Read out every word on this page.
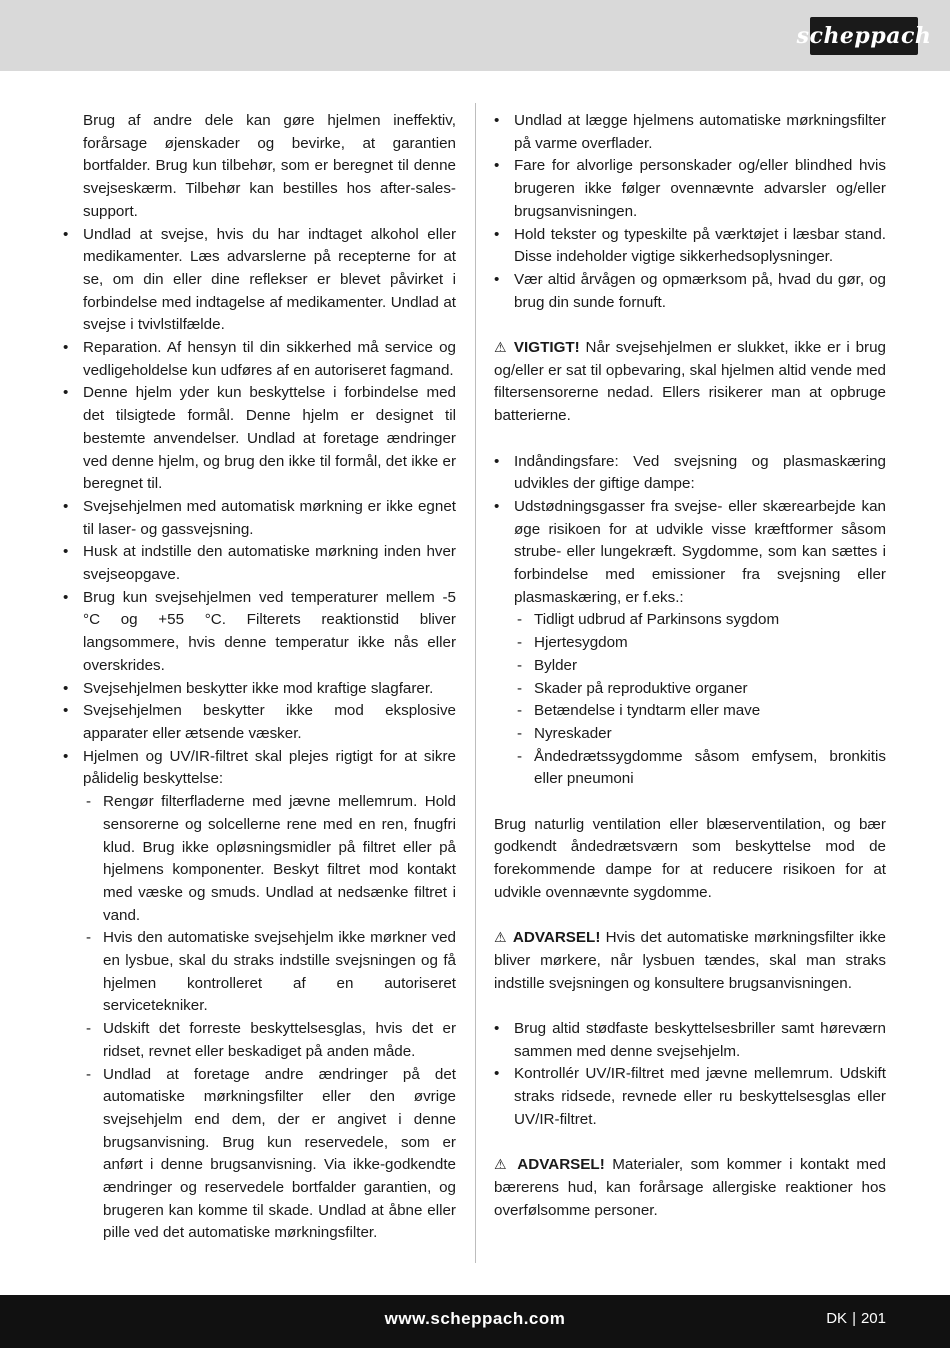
scheppach

Brug af andre dele kan gøre hjelmen ineffektiv, forårsage øjenskader og bevirke, at garantien bortfalder. Brug kun tilbehør, som er beregnet til denne svejseskærm. Tilbehør kan bestilles hos after-sales-support.

• Undlad at svejse, hvis du har indtaget alkohol eller medikamenter. Læs advarslerne på recepterne for at se, om din eller dine reflekser er blevet påvirket i forbindelse med indtagelse af medikamenter. Undlad at svejse i tvivlstilfælde.
• Reparation. Af hensyn til din sikkerhed må service og vedligeholdelse kun udføres af en autoriseret fagmand.
• Denne hjelm yder kun beskyttelse i forbindelse med det tilsigtede formål. Denne hjelm er designet til bestemte anvendelser. Undlad at foretage ændringer ved denne hjelm, og brug den ikke til formål, det ikke er beregnet til.
• Svejsehjelmen med automatisk mørkning er ikke egnet til laser- og gassvejsning.
• Husk at indstille den automatiske mørkning inden hver svejseopgave.
• Brug kun svejsehjelmen ved temperaturer mellem -5 °C og +55 °C. Filterets reaktionstid bliver langsommere, hvis denne temperatur ikke nås eller overskrides.
• Svejsehjelmen beskytter ikke mod kraftige slagfarer.
• Svejsehjelmen beskytter ikke mod eksplosive apparater eller ætsende væsker.
• Hjelmen og UV/IR-filtret skal plejes rigtigt for at sikre pålidelig beskyttelse:
- Rengør filterfladerne med jævne mellemrum. Hold sensorerne og solcellerne rene med en ren, fnugfri klud. Brug ikke opløsningsmidler på filtret eller på hjelmens komponenter. Beskyt filtret mod kontakt med væske og smuds. Undlad at nedsænke filtret i vand.
- Hvis den automatiske svejsehjelm ikke mørkner ved en lysbue, skal du straks indstille svejsningen og få hjelmen kontrolleret af en autoriseret servicetekniker.
- Udskift det forreste beskyttelsesglas, hvis det er ridset, revnet eller beskadiget på anden måde.
- Undlad at foretage andre ændringer på det automatiske mørkningsfilter eller den øvrige svejsehjelm end dem, der er angivet i denne brugsanvisning. Brug kun reservedele, som er anført i denne brugsanvisning. Via ikke-godkendte ændringer og reservedele bortfalder garantien, og brugeren kan komme til skade. Undlad at åbne eller pille ved det automatiske mørkningsfilter.
• Undlad at lægge hjelmens automatiske mørkningsfilter på varme overflader.
• Fare for alvorlige personskader og/eller blindhed hvis brugeren ikke følger ovennævnte advarsler og/eller brugsanvisningen.
• Hold tekster og typeskilte på værktøjet i læsbar stand. Disse indeholder vigtige sikkerhedsoplysninger.
• Vær altid årvågen og opmærksom på, hvad du gør, og brug din sunde fornuft.

⚠ VIGTIGT! Når svejsehjelmen er slukket, ikke er i brug og/eller er sat til opbevaring, skal hjelmen altid vende med filtersensorerne nedad. Ellers risikerer man at opbruge batterierne.

• Indåndingsfare: Ved svejsning og plasmaskæring udvikles der giftige dampe:
• Udstødningsgasser fra svejse- eller skærearbejde kan øge risikoen for at udvikle visse kræftformer såsom strube- eller lungekræft. Sygdomme, som kan sættes i forbindelse med emissioner fra svejsning eller plasmaskæring, er f.eks.:
- Tidligt udbrud af Parkinsons sygdom
- Hjertesygdom
- Bylder
- Skader på reproduktive organer
- Betændelse i tyndtarm eller mave
- Nyreskader
- Åndedrætssygdomme såsom emfysem, bronkitis eller pneumoni

Brug naturlig ventilation eller blæserventilation, og bær godkendt åndedrætsværn som beskyttelse mod de forekommende dampe for at reducere risikoen for at udvikle ovennævnte sygdomme.

⚠ ADVARSEL! Hvis det automatiske mørkningsfilter ikke bliver mørkere, når lysbuen tændes, skal man straks indstille svejsningen og konsultere brugsanvisningen.

• Brug altid stødfaste beskyttelsesbriller samt høreværn sammen med denne svejsehjelm.
• Kontrollér UV/IR-filtret med jævne mellemrum. Udskift straks ridsede, revnede eller ru beskyttelsesglas eller UV/IR-filtret.

⚠ ADVARSEL! Materialer, som kommer i kontakt med bærerens hud, kan forårsage allergiske reaktioner hos overfølsomme personer.

www.scheppach.com	DK | 201
